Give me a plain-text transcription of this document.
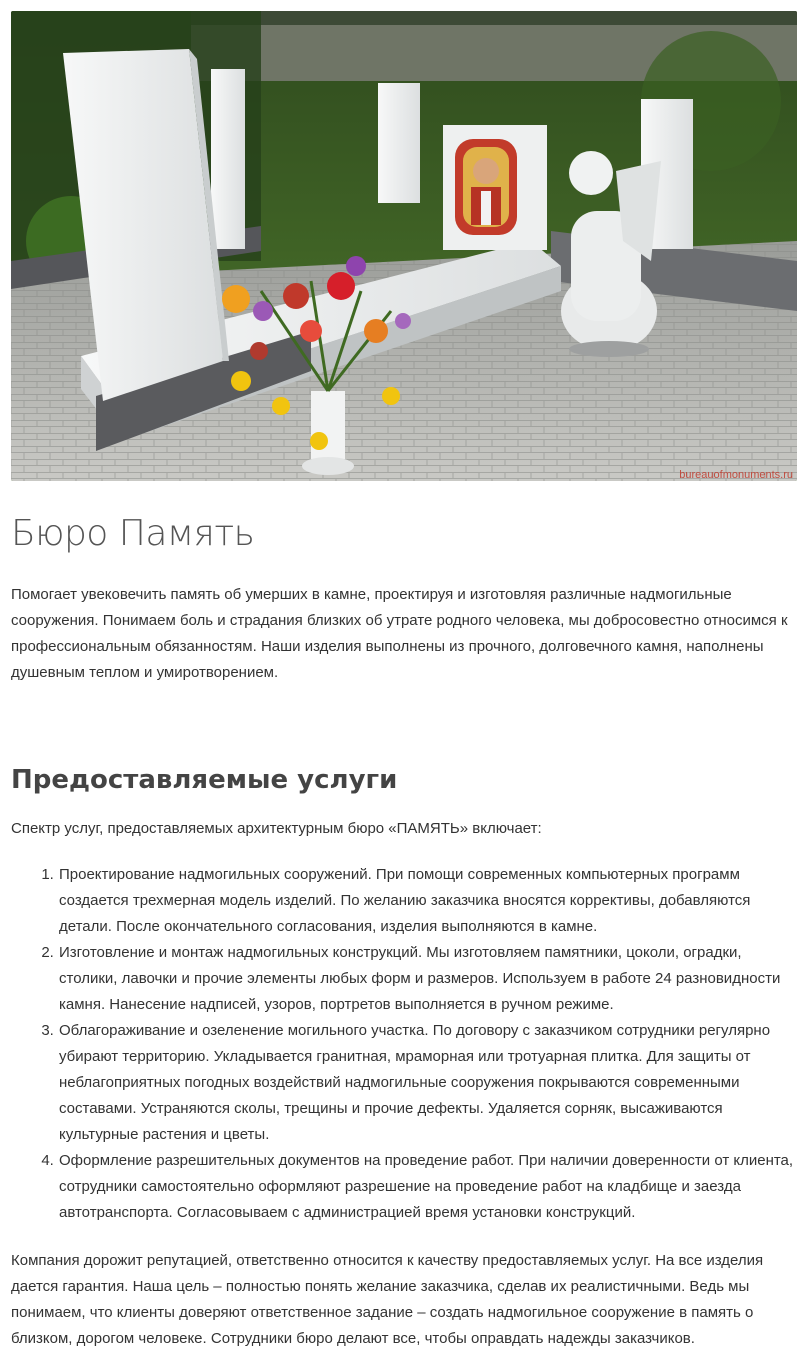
bureauofmonuments.ru
Бюро Память

Помогает увековечить память об умерших в камне, проектируя и изготовляя различные надмогильные сооружения. Понимаем боль и страдания близких об утрате родного человека, мы добросовестно относимся к профессиональным обязанностям. Наши изделия выполнены из прочного, долговечного камня, наполнены душевным теплом и умиротворением.

Предоставляемые услуги

Спектр услуг, предоставляемых архитектурным бюро «ПАМЯТЬ» включает:

1. Проектирование надмогильных сооружений. При помощи современных компьютерных программ создается трехмерная модель изделий. По желанию заказчика вносятся коррективы, добавляются детали. После окончательного согласования, изделия выполняются в камне.
2. Изготовление и монтаж надмогильных конструкций. Мы изготовляем памятники, цоколи, оградки, столики, лавочки и прочие элементы любых форм и размеров. Используем в работе 24 разновидности камня. Нанесение надписей, узоров, портретов выполняется в ручном режиме.
3. Облагораживание и озеленение могильного участка. По договору с заказчиком сотрудники регулярно убирают территорию. Укладывается гранитная, мраморная или тротуарная плитка. Для защиты от неблагоприятных погодных воздействий надмогильные сооружения покрываются современными составами. Устраняются сколы, трещины и прочие дефекты. Удаляется сорняк, высаживаются культурные растения и цветы.
4. Оформление разрешительных документов на проведение работ. При наличии доверенности от клиента, сотрудники самостоятельно оформляют разрешение на проведение работ на кладбище и заезда автотранспорта. Согласовываем с администрацией время установки конструкций.

Компания дорожит репутацией, ответственно относится к качеству предоставляемых услуг. На все изделия дается гарантия. Наша цель – полностью понять желание заказчика, сделав их реалистичными. Ведь мы понимаем, что клиенты доверяют ответственное задание – создать надмогильное сооружение в память о близком, дорогом человеке. Сотрудники бюро делают все, чтобы оправдать надежды заказчиков.
